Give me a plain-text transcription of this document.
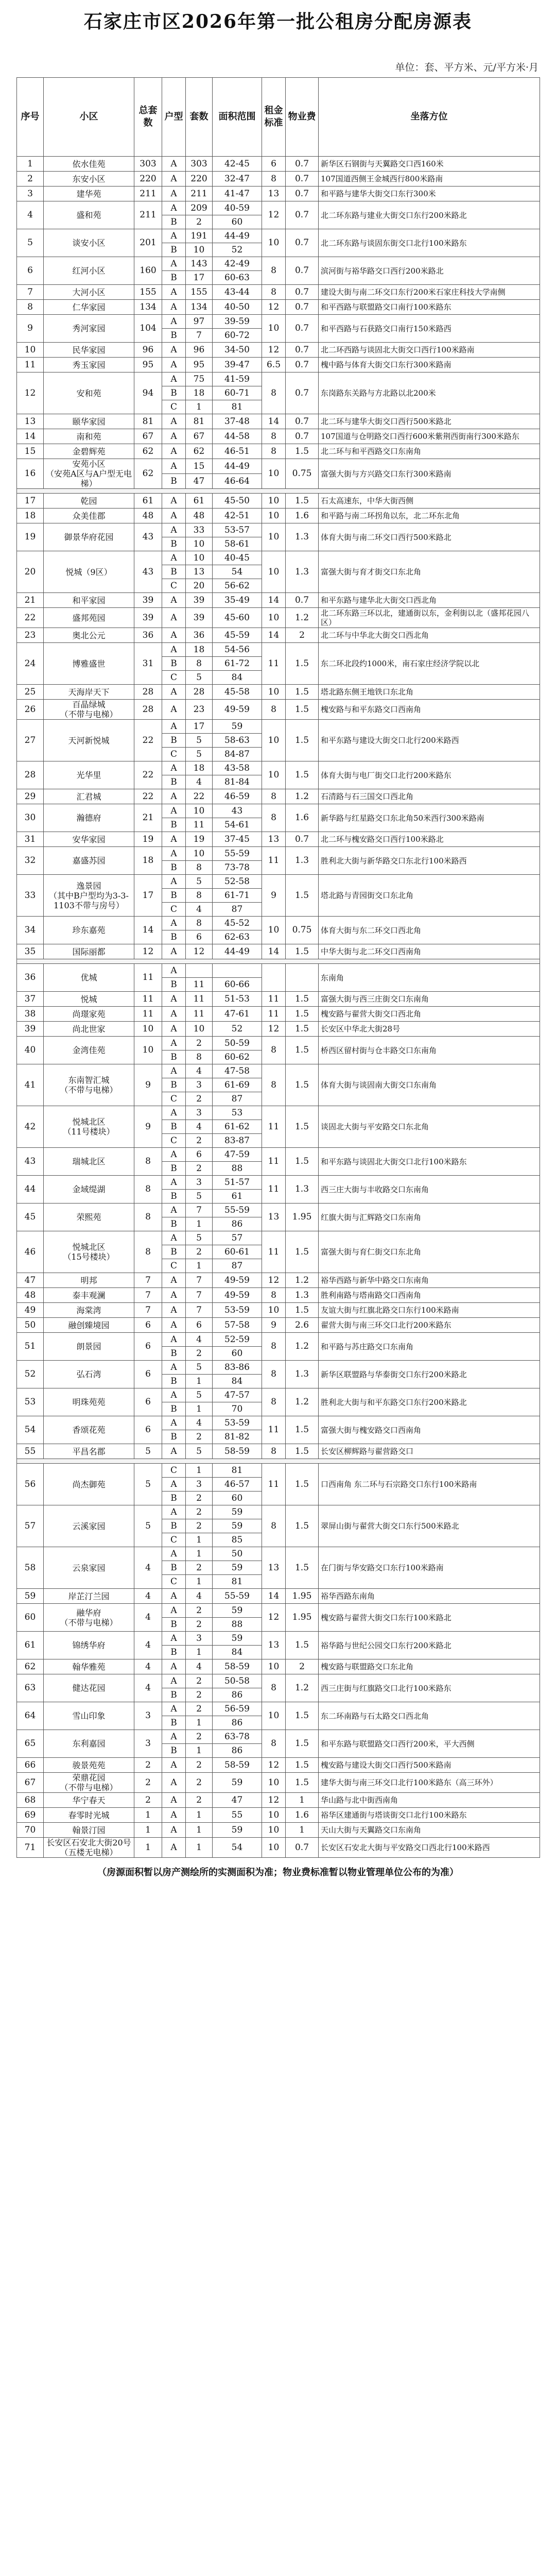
石家庄市区2026年第一批公租房分配房源表
单位：套、平方米、元/平方米·月
序号	小区	总套数	户型	套数	面积范围	租金标准	物业费	坐落方位
1	依水佳苑	303	A	303	42-45	6	0.7	新华区石钢街与天翼路交口西160米
2	东安小区	220	A	220	32-47	8	0.7	107国道西侧王金城西行800米路南
3	建华苑	211	A	211	41-47	13	0.7	和平路与建华大街交口东行300米
4	盛和苑	211	A	209	40-59	12	0.7	北二环东路与建业大街交口东行200米路北
			B	2	60			
5	谈安小区	201	A	191	44-49	10	0.7	北二环东路与谈固东街交口北行100米路东
			B	10	52			
6	红河小区	160	A	143	42-49	8	0.7	滨河街与裕华路交口西行200米路北
			B	17	60-63			
7	大河小区	155	A	155	43-44	8	0.7	建设大街与南二环交口东行200米石家庄科技大学南侧
8	仁华家园	134	A	134	40-50	12	0.7	和平西路与联盟路交口南行100米路东
9	秀河家园	104	A	97	39-59	10	0.7	和平西路与石获路交口南行150米路西
			B	7	60-72			
10	民华家园	96	A	96	34-50	12	0.7	北二环西路与谈固北大街交口西行100米路南
11	秀玉家园	95	A	95	39-47	6.5	0.7	槐中路与体育大街交口东行300米路南
12	安和苑	94	A	75	41-59	8	0.7	东岗路东关路与方北路以北200米
			B	18	60-71			
			C	1	81			
13	颐华家园	81	A	81	37-48	14	0.7	北二环与建华大街交口西行500米路北
14	南和苑	67	A	67	44-58	8	0.7	107国道与仓明路交口西行600米紫荆西街南行300米路东
15	金碧辉苑	62	A	62	46-51	8	1.5	北二环与和平西路交口东南角
16	安苑小区
（安苑A区与A户型无电梯）	62	A	15	44-49	10	0.75	富强大街与方兴路交口东行300米路南
			B	47	46-64			

17	乾园	61	A	61	45-50	10	1.5	石太高速东，中华大街西侧
18	众美佳郡	48	A	48	42-51	10	1.6	和平路与南二环拐角以东，北二环东北角
19	御景华府花园	43	A	33	53-57	10	1.3	体育大街与南二环交口西行500米路北
			B	10	58-61			
20	悦城（9区）	43	A	10	40-45	10	1.3	富强大街与育才街交口东北角
			B	13	54			
			C	20	56-62			
21	和平家园	39	A	39	35-49	14	0.7	和平东路与建华北大街交口西北角
22	盛邦苑园	39	A	39	45-60	10	1.2	北二环东路三环以北，建通街以东，金利街以北（盛邦花园八区）
23	奥北公元	36	A	36	45-59	14	2	北二环与中华北大街交口西北角
24	博雅盛世	31	A	18	54-56	11	1.5	东二环北段约1000米，南石家庄经济学院以北
			B	8	61-72			
			C	5	84			
25	天海岸天下	28	A	28	45-58	10	1.5	塔北路东侧王地铁口东北角
26	百晶绿城
（不带与电梯）	28	A	23	49-59	8	1.5	槐安路与和平东路交口西南角
27	天河新悦城	22	A	17	59	10	1.5	和平东路与建设大街交口北行200米路西
			B	5	58-63			
			C	5	84-87			
28	光华里	22	A	18	43-58	10	1.5	体育大街与电厂街交口北行200米路东
			B	4	81-84			
29	汇君城	22	A	22	46-59	8	1.2	石清路与石三国交口西北角
30	瀚德府	21	A	10	43	8	1.6	新华路与红星路交口东北角50米西行300米路南
			B	11	54-61			
31	安华家园	19	A	19	37-45	13	0.7	北二环与槐安路交口西行100米路北
32	嘉盛苏园	18	A	10	55-59	11	1.3	胜利北大街与新华路交口东北行100米路西
			B	8	73-78			
33	逸景园
（其中B户型均为3-3-1103不带与房号）	17	A	5	52-58	9	1.5	塔北路与青园街交口东北角
			B	8	61-71			
			C	4	87			
34	珍东嘉苑	14	A	8	45-52	10	0.75	体育大街与东二环交口西北角
			B	6	62-63			
35	国际丽都	12	A	12	44-49	14	1.5	中华大街与北二环交口西南角

36	优城	11	A					东南角
			B	11	60-66			
37	悦城	11	A	11	51-53	11	1.5	富强大街与西三庄街交口东南角
38	尚璟家苑	11	A	11	47-61	11	1.5	槐安路与翟营大街交口西北角
39	尚北世家	10	A	10	52	12	1.5	长安区中华北大街28号
40	金湾佳苑	10	A	2	50-59	8	1.5	桥西区留村街与仓丰路交口东南角
			B	8	60-62			
41	东南智汇城
（不带与电梯）	9	A	4	47-58	8	1.5	体育大街与谈固南大街交口东南角
			B	3	61-69			
			C	2	87			
42	悦城北区
（11号楼块）	9	A	3	53	11	1.5	谈固北大街与平安路交口东北角
			B	4	61-62			
			C	2	83-87			
43	瑞城北区	8	A	6	47-59	11	1.5	和平东路与谈固北大街交口北行100米路东
			B	2	88			
44	金域缇湖	8	A	3	51-57	11	1.3	西三庄大街与丰收路交口东南角
			B	5	61			
45	荣熙苑	8	A	7	55-59	13	1.95	红旗大街与汇辉路交口东南角
			B	1	86			
46	悦城北区
（15号楼块）	8	A	5	57	11	1.5	富强大街与育仁街交口东北角
			B	2	60-61			
			C	1	87			
47	明邦	7	A	7	49-59	12	1.2	裕华西路与新华中路交口东南角
48	泰丰观澜	7	A	7	49-59	8	1.3	胜利南路与塔南路交口西南角
49	海棠湾	7	A	7	53-59	10	1.5	友谊大街与红旗北路交口东行100米路南
50	融创臻境园	6	A	6	57-58	9	2.6	翟营大街与南三环交口北行200米路东
51	朗景园	6	A	4	52-59	8	1.2	和平路与苏庄路交口东南角
			B	2	60			
52	弘石湾	6	A	5	83-86	8	1.3	新华区联盟路与华泰街交口东行200米路北
			B	1	84			
53	明珠苑苑	6	A	5	47-57	8	1.2	胜利北大街与和平东路交口东行200米路北
			B	1	70			
54	香颂花苑	6	A	4	53-59	11	1.5	富强大街与槐安路交口西南角
			B	2	81-82			
55	平昌名郡	5	A	5	58-59	8	1.5	长安区柳辉路与翟营路交口

56	尚杰御苑	5	C	1	81	11	1.5	口西南角 东二环与石宗路交口东行100米路南
			A	3	46-57			
			B	2	60			
57	云溪家园	5	A	2	59	8	1.5	翠屏山街与翟营大街交口东行500米路北
			B	2	59			
			C	1	85			
58	云泉家园	4	A	1	50	13	1.5	在门街与华安路交口东行100米路南
			B	2	59			
			C	1	81			
59	岸芷汀兰园	4	A	4	55-59	14	1.95	裕华西路东南角
60	融华府
（不带与电梯）	4	A	2	59	12	1.95	槐安路与翟营大街交口东行100米路北
			B	2	88			
61	锦绣华府	4	A	3	59	13	1.5	裕华路与世纪公园交口东行200米路北
			B	1	84			
62	翰华雅苑	4	A	4	58-59	10	2	槐安路与联盟路交口东北角
63	健达花园	4	A	2	50-58	8	1.2	西三庄街与红旗路交口北行100米路东
			B	2	86			
64	雪山印象	3	A	2	56-59	10	1.5	东二环南路与石太路交口西北角
			B	1	86			
65	东利嘉园	3	A	2	63-78	8	1.5	和平东路与联盟路交口西行200米，平大西侧
			B	1	86			
66	骏景苑苑	2	A	2	58-59	12	1.5	槐安路与建设大街交口西行500米路南
67	荣鼎花园
（不带与电梯）	2	A	2	59	10	1.5	建华大街与南三环交口北行100米路东（高三环外）
68	华宁春天	2	A	2	47	12	1	华山路与北中街西南角
69	春零时光城	1	A	1	55	10	1.6	裕华区建通街与塔谈街交口北行100米路东
70	翰景汀园	1	A	1	59	10	1	天山大街与天翼路交口东南角
71	长安区石安北大街20号（五楼无电梯）	1	A	1	54	10	0.7	长安区石安北大街与平安路交口西北行100米路西
（房源面积暂以房产测绘所的实测面积为准；物业费标准暂以物业管理单位公布的为准）
